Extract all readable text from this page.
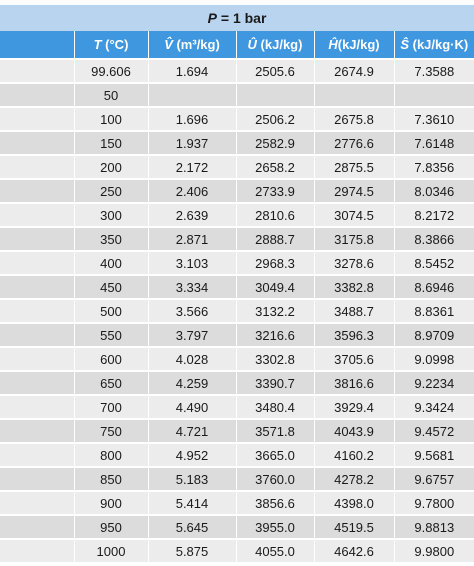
P = 1 bar					
	T (°C)	V̂ (m³/kg)	Û (kJ/kg)	Ĥ(kJ/kg)	Ŝ (kJ/kg·K)
	99.606	1.694	2505.6	2674.9	7.3588
	50				
	100	1.696	2506.2	2675.8	7.3610
	150	1.937	2582.9	2776.6	7.6148
	200	2.172	2658.2	2875.5	7.8356
	250	2.406	2733.9	2974.5	8.0346
	300	2.639	2810.6	3074.5	8.2172
	350	2.871	2888.7	3175.8	8.3866
	400	3.103	2968.3	3278.6	8.5452
	450	3.334	3049.4	3382.8	8.6946
	500	3.566	3132.2	3488.7	8.8361
	550	3.797	3216.6	3596.3	8.9709
	600	4.028	3302.8	3705.6	9.0998
	650	4.259	3390.7	3816.6	9.2234
	700	4.490	3480.4	3929.4	9.3424
	750	4.721	3571.8	4043.9	9.4572
	800	4.952	3665.0	4160.2	9.5681
	850	5.183	3760.0	4278.2	9.6757
	900	5.414	3856.6	4398.0	9.7800
	950	5.645	3955.0	4519.5	9.8813
	1000	5.875	4055.0	4642.6	9.9800
